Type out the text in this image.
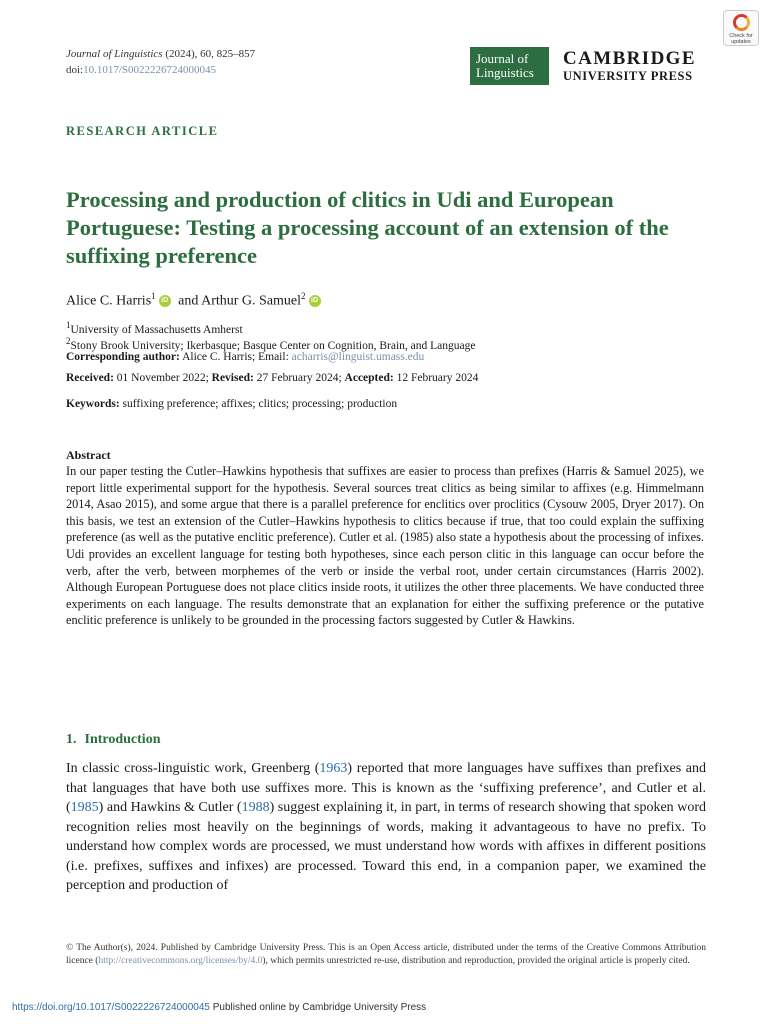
Journal of Linguistics (2024), 60, 825–857
doi:10.1017/S0022226724000045
Journal of
Linguistics
CAMBRIDGE
UNIVERSITY PRESS
Check for
updates
RESEARCH ARTICLE
Processing and production of clitics in Udi and European Portuguese: Testing a processing account of an extension of the suffixing preference
Alice C. Harris$^1$ iD and Arthur G. Samuel$^2$ iD
$^1$University of Massachusetts Amherst
$^2$Stony Brook University; Ikerbasque; Basque Center on Cognition, Brain, and Language
Corresponding author: Alice C. Harris; Email: acharris@linguist.umass.edu
Received: 01 November 2022; Revised: 27 February 2024; Accepted: 12 February 2024
Keywords: suffixing preference; affixes; clitics; processing; production
Abstract

In our paper testing the Cutler–Hawkins hypothesis that suffixes are easier to process than prefixes (Harris & Samuel 2025), we report little experimental support for the hypothesis. Several sources treat clitics as being similar to affixes (e.g. Himmelmann 2014, Asao 2015), and some argue that there is a parallel preference for enclitics over proclitics (Cysouw 2005, Dryer 2017). On this basis, we test an extension of the Cutler–Hawkins hypothesis to clitics because if true, that too could explain the suffixing preference (as well as the putative enclitic preference). Cutler et al. (1985) also state a hypothesis about the processing of infixes. Udi provides an excellent language for testing both hypotheses, since each person clitic in this language can occur before the verb, after the verb, between morphemes of the verb or inside the verbal root, under certain circumstances (Harris 2002). Although European Portuguese does not place clitics inside roots, it utilizes the other three placements. We have conducted three experiments on each language. The results demonstrate that an explanation for either the suffixing preference or the putative enclitic preference is unlikely to be grounded in the processing factors suggested by Cutler & Hawkins.

1. Introduction

In classic cross-linguistic work, Greenberg (1963) reported that more languages have suffixes than prefixes and that languages that have both use suffixes more. This is known as the ‘suffixing preference’, and Cutler et al. (1985) and Hawkins & Cutler (1988) suggest explaining it, in part, in terms of research showing that spoken word recognition relies most heavily on the beginnings of words, making it advantageous to have no prefix. To understand how complex words are processed, we must understand how words with affixes in different positions (i.e. prefixes, suffixes and infixes) are processed. Toward this end, in a companion paper, we examined the perception and production of

© The Author(s), 2024. Published by Cambridge University Press. This is an Open Access article, distributed under the terms of the Creative Commons Attribution licence (http://creativecommons.org/licenses/by/4.0), which permits unrestricted re-use, distribution and reproduction, provided the original article is properly cited.

https://doi.org/10.1017/S0022226724000045 Published online by Cambridge University Press
